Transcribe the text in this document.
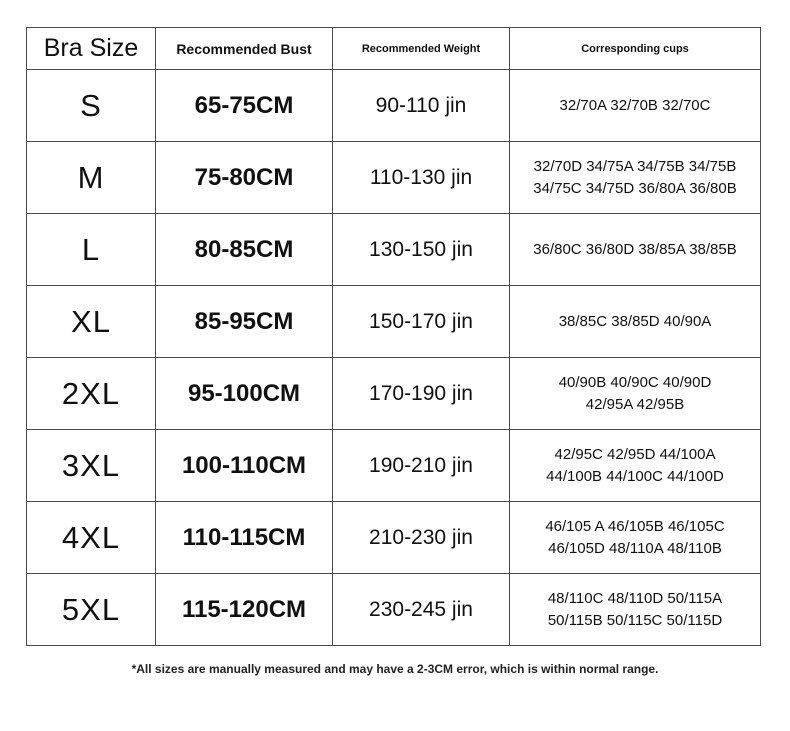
Bra Size	Recommended Bust	Recommended Weight	Corresponding cups
S	65-75CM	90-110 jin	32/70A 32/70B 32/70C

M	75-80CM	110-130 jin	32/70D 34/75A 34/75B 34/75B
34/75C 34/75D 36/80A 36/80B

L	80-85CM	130-150 jin	36/80C 36/80D 38/85A 38/85B

XL	85-95CM	150-170 jin	38/85C 38/85D 40/90A

2XL	95-100CM	170-190 jin	40/90B 40/90C 40/90D
42/95A 42/95B

3XL	100-110CM	190-210 jin	42/95C 42/95D 44/100A
44/100B 44/100C 44/100D

4XL	110-115CM	210-230 jin	46/105 A 46/105B 46/105C
46/105D 48/110A 48/110B

5XL	115-120CM	230-245 jin	48/110C 48/110D 50/115A
50/115B 50/115C 50/115D
*All sizes are manually measured and may have a 2-3CM error, which is within normal range.
